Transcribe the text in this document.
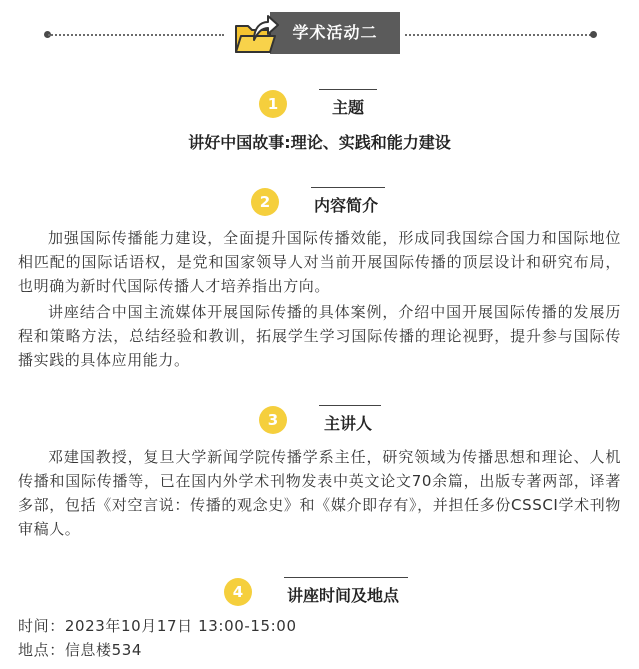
学术活动二
1	主题
讲好中国故事:理论、实践和能力建设
2	内容简介
加强国际传播能力建设，全面提升国际传播效能，形成同我国综合国力和国际地位相匹配的国际话语权，是党和国家领导人对当前开展国际传播的顶层设计和研究布局，也明确为新时代国际传播人才培养指出方向。
讲座结合中国主流媒体开展国际传播的具体案例，介绍中国开展国际传播的发展历程和策略方法，总结经验和教训，拓展学生学习国际传播的理论视野，提升参与国际传播实践的具体应用能力。
3	主讲人
邓建国教授，复旦大学新闻学院传播学系主任，研究领域为传播思想和理论、人机传播和国际传播等，已在国内外学术刊物发表中英文论文70余篇，出版专著两部，译著多部，包括《对空言说：传播的观念史》和《媒介即存有》，并担任多份CSSCI学术刊物审稿人。
4	讲座时间及地点
时间：2023年10月17日 13:00-15:00
地点：信息楼534
